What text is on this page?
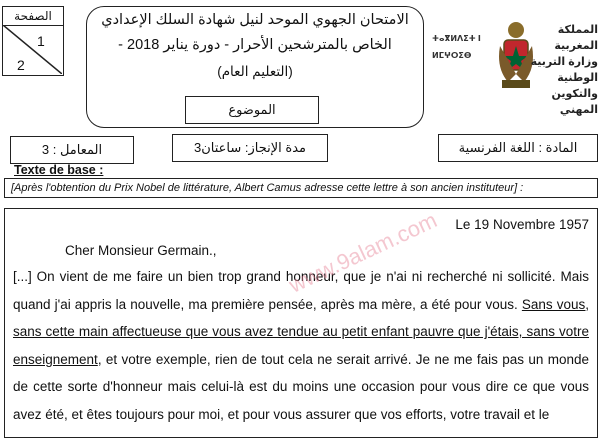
الصفحة
1
2
الامتحان الجهوي الموحد لنيل شهادة السلك الإعدادي
الخاص بالمترشحين الأحرار - دورة يناير 2018 -
(التعليم العام)
الموضوع
ⵜⴰⴳⵍⴷⵉⵜ ⵏ ⵍⵎⵖⵔⵉⴱ
المملكة المغربية وزارة التربية الوطنية والتكوين المهني
المعامل : 3	مدة الإنجاز: ساعتان3	المادة : اللغة الفرنسية
Texte de base :
[Après l'obtention du Prix Nobel de littérature, Albert Camus adresse cette lettre à son ancien instituteur] :
Le 19 Novembre 1957
Cher Monsieur Germain.,
[...] On vient de me faire un bien trop grand honneur, que je n'ai ni recherché ni sollicité. Mais quand j'ai appris la nouvelle, ma première pensée, après ma mère, a été pour vous. Sans vous, sans cette main affectueuse que vous avez tendue au petit enfant pauvre que j'étais, sans votre enseignement, et votre exemple, rien de tout cela ne serait arrivé. Je ne me fais pas un monde de cette sorte d'honneur mais celui-là est du moins une occasion pour vous dire ce que vous avez été, et êtes toujours pour moi, et pour vous assurer que vos efforts, votre travail et le
www.9alam.com
